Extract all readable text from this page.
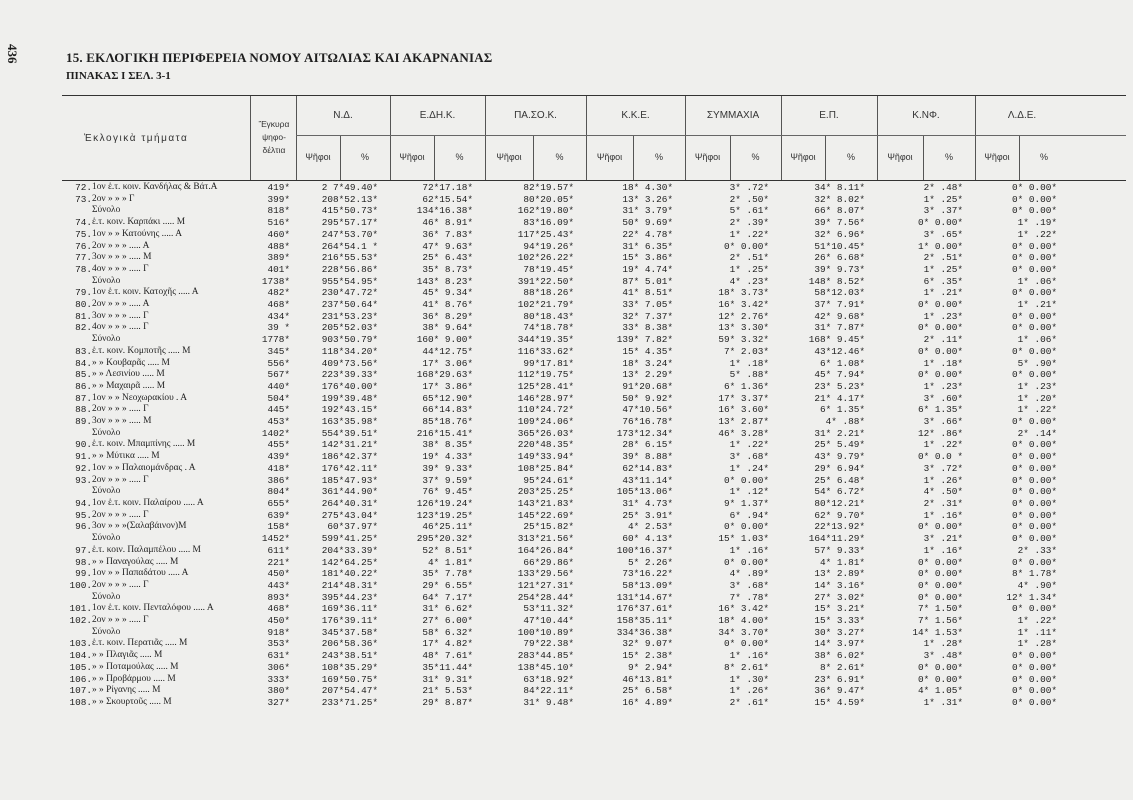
436	15. ΕΚΛΟΓΙΚΗ ΠΕΡΙΦΕΡΕΙΑ ΝΟΜΟΥ ΑΙΤΩΛΙΑΣ ΚΑΙ ΑΚΑΡΝΑΝΙΑΣ
ΠΙΝΑΚΑΣ Ι ΣΕΛ. 3-1
Ἐκλογικὰ τμήματα
Ἔγκυρα ψηφο-δέλτια
Ν.Δ.
Ψῆφοι	%
Ε.ΔΗ.Κ.
Ψῆφοι	%
ΠΑ.ΣΟ.Κ.
Ψῆφοι	%
Κ.Κ.Ε.
Ψῆφοι	%
ΣΥΜΜΑΧΙΑ
Ψῆφοι	%
Ε.Π.
Ψῆφοι	%
Κ.ΝΦ.
Ψῆφοι	%
Λ.Δ.Ε.
Ψῆφοι	%
72.	1ον ἑ.τ. κοιν. Κανδήλας & Βάτ.Α	419*	2 7*49.40*	72*17.18*	82*19.57*	18* 4.30*	3* .72*	34* 8.11*	2* .48*	0* 0.00*
73.	2ον » » » Γ	399*	208*52.13*	62*15.54*	80*20.05*	13* 3.26*	2* .50*	32* 8.02*	1* .25*	0* 0.00*
	Σύνολο	818*	415*50.73*	134*16.38*	162*19.80*	31* 3.79*	5* .61*	66* 8.07*	3* .37*	0* 0.00*
74.	ἑ.τ. κοιν. Καρπάκι ..... Μ	516*	295*57.17*	46* 8.91*	83*16.09*	50* 9.69*	2* .39*	39* 7.56*	0* 0.00*	1* .19*
75.	1ον » » Κατούνης ..... Α	460*	247*53.70*	36* 7.83*	117*25.43*	22* 4.78*	1* .22*	32* 6.96*	3* .65*	1* .22*
76.	2ον » » » ..... Α	488*	264*54.1 *	47* 9.63*	94*19.26*	31* 6.35*	0* 0.00*	51*10.45*	1* 0.00*	0* 0.00*
77.	3ον » » » ..... Μ	389*	216*55.53*	25* 6.43*	102*26.22*	15* 3.86*	2* .51*	26* 6.68*	2* .51*	0* 0.00*
78.	4ον » » » ..... Γ	401*	228*56.86*	35* 8.73*	78*19.45*	19* 4.74*	1* .25*	39* 9.73*	1* .25*	0* 0.00*
	Σύνολο	1738*	955*54.95*	143* 8.23*	391*22.50*	87* 5.01*	4* .23*	148* 8.52*	6* .35*	1* .06*
79.	1ον ἑ.τ. κοιν. Κατοχῆς ..... Α	482*	230*47.72*	45* 9.34*	88*18.26*	41* 8.51*	18* 3.73*	58*12.03*	1* .21*	0* 0.00*
80.	2ον » » » ..... Α	468*	237*50.64*	41* 8.76*	102*21.79*	33* 7.05*	16* 3.42*	37* 7.91*	0* 0.00*	1* .21*
81.	3ον » » » ..... Γ	434*	231*53.23*	36* 8.29*	80*18.43*	32* 7.37*	12* 2.76*	42* 9.68*	1* .23*	0* 0.00*
82.	4ον » » » ..... Γ	39 *	205*52.03*	38* 9.64*	74*18.78*	33* 8.38*	13* 3.30*	31* 7.87*	0* 0.00*	0* 0.00*
	Σύνολο	1778*	903*50.79*	160* 9.00*	344*19.35*	139* 7.82*	59* 3.32*	168* 9.45*	2* .11*	1* .06*
83.	ἑ.τ. κοιν. Κομποτῆς ..... Μ	345*	118*34.20*	44*12.75*	116*33.62*	15* 4.35*	7* 2.03*	43*12.46*	0* 0.00*	0* 0.00*
84.	» » Κουβαρᾶς ..... Μ	556*	409*73.56*	17* 3.06*	99*17.81*	18* 3.24*	1* .18*	6* 1.08*	1* .18*	5* .90*
85.	» » Λεσινίου ..... Μ	567*	223*39.33*	168*29.63*	112*19.75*	13* 2.29*	5* .88*	45* 7.94*	0* 0.00*	0* 0.00*
86.	» » Μαχαιρᾶ ..... Μ	440*	176*40.00*	17* 3.86*	125*28.41*	91*20.68*	6* 1.36*	23* 5.23*	1* .23*	1* .23*
87.	1ον » » Νεοχωρακίου . Α	504*	199*39.48*	65*12.90*	146*28.97*	50* 9.92*	17* 3.37*	21* 4.17*	3* .60*	1* .20*
88.	2ον » » » ..... Γ	445*	192*43.15*	66*14.83*	110*24.72*	47*10.56*	16* 3.60*	6* 1.35*	6* 1.35*	1* .22*
89.	3ον » » » ..... Μ	453*	163*35.98*	85*18.76*	109*24.06*	76*16.78*	13* 2.87*	4* .88*	3* .66*	0* 0.00*
	Σύνολο	1402*	554*39.51*	216*15.41*	365*26.03*	173*12.34*	46* 3.28*	31* 2.21*	12* .86*	2* .14*
90.	ἑ.τ. κοιν. Μπαμπίνης ..... Μ	455*	142*31.21*	38* 8.35*	220*48.35*	28* 6.15*	1* .22*	25* 5.49*	1* .22*	0* 0.00*
91.	» » Μύτικα ..... Μ	439*	186*42.37*	19* 4.33*	149*33.94*	39* 8.88*	3* .68*	43* 9.79*	0* 0.0 *	0* 0.00*
92.	1ον » » Παλαιομάνδρας . Α	418*	176*42.11*	39* 9.33*	108*25.84*	62*14.83*	1* .24*	29* 6.94*	3* .72*	0* 0.00*
93.	2ον » » » ..... Γ	386*	185*47.93*	37* 9.59*	95*24.61*	43*11.14*	0* 0.00*	25* 6.48*	1* .26*	0* 0.00*
	Σύνολο	804*	361*44.90*	76* 9.45*	203*25.25*	105*13.06*	1* .12*	54* 6.72*	4* .50*	0* 0.00*
94.	1ον ἑ.τ. κοιν. Παλαίρου ..... Α	655*	264*40.31*	126*19.24*	143*21.83*	31* 4.73*	9* 1.37*	80*12.21*	2* .31*	0* 0.00*
95.	2ον » » » ..... Γ	639*	275*43.04*	123*19.25*	145*22.69*	25* 3.91*	6* .94*	62* 9.70*	1* .16*	0* 0.00*
96.	3ον » » »(Σαλαβάινον)Μ	158*	60*37.97*	46*25.11*	25*15.82*	4* 2.53*	0* 0.00*	22*13.92*	0* 0.00*	0* 0.00*
	Σύνολο	1452*	599*41.25*	295*20.32*	313*21.56*	60* 4.13*	15* 1.03*	164*11.29*	3* .21*	0* 0.00*
97.	ἑ.τ. κοιν. Παλαμπέλου ..... Μ	611*	204*33.39*	52* 8.51*	164*26.84*	100*16.37*	1* .16*	57* 9.33*	1* .16*	2* .33*
98.	» » Παναγούλας ..... Μ	221*	142*64.25*	4* 1.81*	66*29.86*	5* 2.26*	0* 0.00*	4* 1.81*	0* 0.00*	0* 0.00*
99.	1ον » » Παπαδάτου ..... Α	450*	181*40.22*	35* 7.78*	133*29.56*	73*16.22*	4* .89*	13* 2.89*	0* 0.00*	8* 1.78*
100.	2ον » » » ..... Γ	443*	214*48.31*	29* 6.55*	121*27.31*	58*13.09*	3* .68*	14* 3.16*	0* 0.00*	4* .90*
	Σύνολο	893*	395*44.23*	64* 7.17*	254*28.44*	131*14.67*	7* .78*	27* 3.02*	0* 0.00*	12* 1.34*
101.	1ον ἑ.τ. κοιν. Πενταλόφου ..... Α	468*	169*36.11*	31* 6.62*	53*11.32*	176*37.61*	16* 3.42*	15* 3.21*	7* 1.50*	0* 0.00*
102.	2ον » » » ..... Γ	450*	176*39.11*	27* 6.00*	47*10.44*	158*35.11*	18* 4.00*	15* 3.33*	7* 1.56*	1* .22*
	Σύνολο	918*	345*37.58*	58* 6.32*	100*10.89*	334*36.38*	34* 3.70*	30* 3.27*	14* 1.53*	1* .11*
103.	ἑ.τ. κοιν. Περατιᾶς ..... Μ	353*	206*58.36*	17* 4.82*	79*22.38*	32* 9.07*	0* 0.00*	14* 3.97*	1* .28*	1* .28*
104.	» » Πλαγιᾶς ..... Μ	631*	243*38.51*	48* 7.61*	283*44.85*	15* 2.38*	1* .16*	38* 6.02*	3* .48*	0* 0.00*
105.	» » Ποταμούλας ..... Μ	306*	108*35.29*	35*11.44*	138*45.10*	9* 2.94*	8* 2.61*	8* 2.61*	0* 0.00*	0* 0.00*
106.	» » Προβάρμου ..... Μ	333*	169*50.75*	31* 9.31*	63*18.92*	46*13.81*	1* .30*	23* 6.91*	0* 0.00*	0* 0.00*
107.	» » Ρίγανης ..... Μ	380*	207*54.47*	21* 5.53*	84*22.11*	25* 6.58*	1* .26*	36* 9.47*	4* 1.05*	0* 0.00*
108.	» » Σκουρτοῦς ..... Μ	327*	233*71.25*	29* 8.87*	31* 9.48*	16* 4.89*	2* .61*	15* 4.59*	1* .31*	0* 0.00*
